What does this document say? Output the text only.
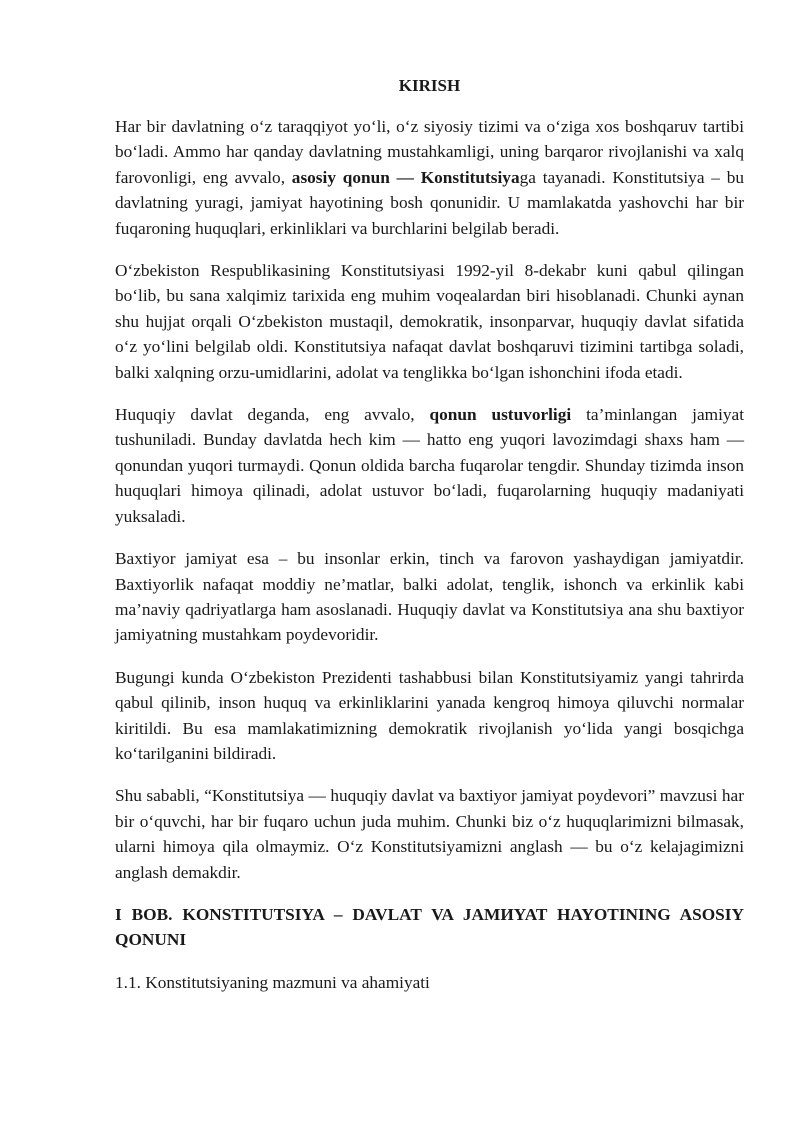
KIRISH

Har bir davlatning o‘z taraqqiyot yo‘li, o‘z siyosiy tizimi va o‘ziga xos boshqaruv tartibi bo‘ladi. Ammo har qanday davlatning mustahkamligi, uning barqaror rivojlanishi va xalq farovonligi, eng avvalo, asosiy qonun — Konstitutsiyaga tayanadi. Konstitutsiya – bu davlatning yuragi, jamiyat hayotining bosh qonunidir. U mamlakatda yashovchi har bir fuqaroning huquqlari, erkinliklari va burchlarini belgilab beradi.

O‘zbekiston Respublikasining Konstitutsiyasi 1992-yil 8-dekabr kuni qabul qilingan bo‘lib, bu sana xalqimiz tarixida eng muhim voqealardan biri hisoblanadi. Chunki aynan shu hujjat orqali O‘zbekiston mustaqil, demokratik, insonparvar, huquqiy davlat sifatida o‘z yo‘lini belgilab oldi. Konstitutsiya nafaqat davlat boshqaruvi tizimini tartibga soladi, balki xalqning orzu-umidlarini, adolat va tenglikka bo‘lgan ishonchini ifoda etadi.

Huquqiy davlat deganda, eng avvalo, qonun ustuvorligi ta’minlangan jamiyat tushuniladi. Bunday davlatda hech kim — hatto eng yuqori lavozimdagi shaxs ham — qonundan yuqori turmaydi. Qonun oldida barcha fuqarolar tengdir. Shunday tizimda inson huquqlari himoya qilinadi, adolat ustuvor bo‘ladi, fuqarolarning huquqiy madaniyati yuksaladi.

Baxtiyor jamiyat esa – bu insonlar erkin, tinch va farovon yashaydigan jamiyatdir. Baxtiyorlik nafaqat moddiy ne’matlar, balki adolat, tenglik, ishonch va erkinlik kabi ma’naviy qadriyatlarga ham asoslanadi. Huquqiy davlat va Konstitutsiya ana shu baxtiyor jamiyatning mustahkam poydevoridir.

Bugungi kunda O‘zbekiston Prezidenti tashabbusi bilan Konstitutsiyamiz yangi tahrirda qabul qilinib, inson huquq va erkinliklarini yanada kengroq himoya qiluvchi normalar kiritildi. Bu esa mamlakatimizning demokratik rivojlanish yo‘lida yangi bosqichga ko‘tarilganini bildiradi.

Shu sababli, “Konstitutsiya — huquqiy davlat va baxtiyor jamiyat poydevori” mavzusi har bir o‘quvchi, har bir fuqaro uchun juda muhim. Chunki biz o‘z huquqlarimizni bilmasak, ularni himoya qila olmaymiz. O‘z Konstitutsiyamizni anglash — bu o‘z kelajagimizni anglash demakdir.

I BOB. KONSTITUTSIYA – DAVLAT VA JAMИYAT HAYOTINING ASOSIY QONUNI
1.1. Konstitutsiyaning mazmuni va ahamiyati
